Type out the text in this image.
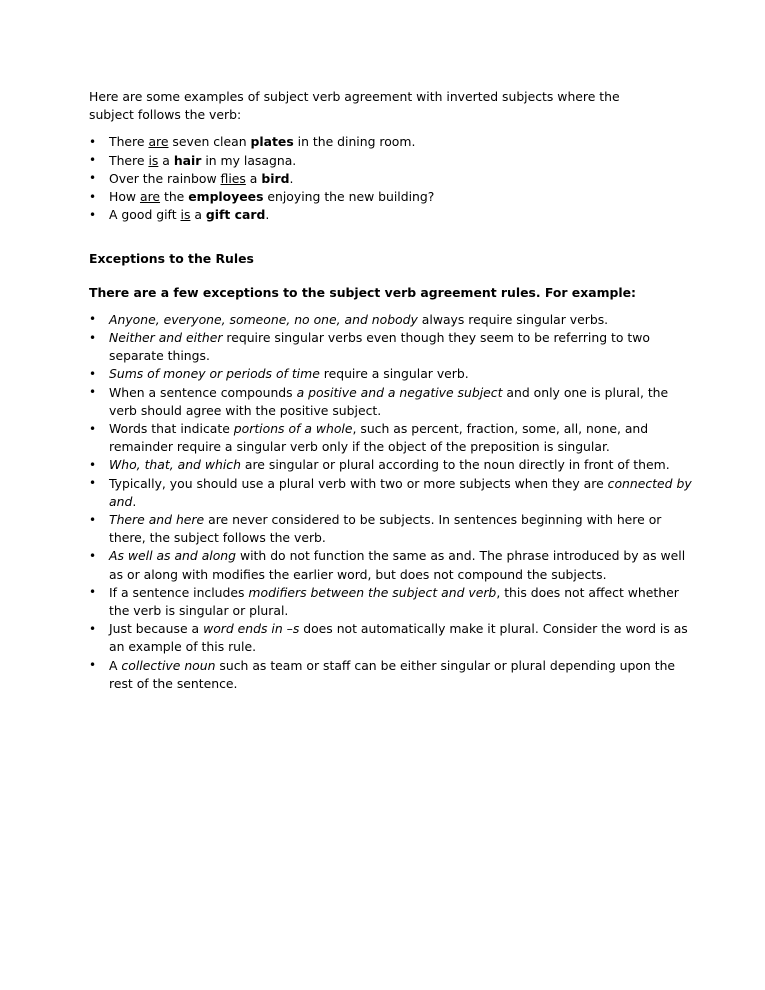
Here are some examples of subject verb agreement with inverted subjects where the subject follows the verb:

• There are seven clean plates in the dining room.
• There is a hair in my lasagna.
• Over the rainbow flies a bird.
• How are the employees enjoying the new building?
• A good gift is a gift card.
Exceptions to the Rules
There are a few exceptions to the subject verb agreement rules. For example:
• Anyone, everyone, someone, no one, and nobody always require singular verbs.
• Neither and either require singular verbs even though they seem to be referring to two separate things.
• Sums of money or periods of time require a singular verb.
• When a sentence compounds a positive and a negative subject and only one is plural, the verb should agree with the positive subject.
• Words that indicate portions of a whole, such as percent, fraction, some, all, none, and remainder require a singular verb only if the object of the preposition is singular.
• Who, that, and which are singular or plural according to the noun directly in front of them.
• Typically, you should use a plural verb with two or more subjects when they are connected by and.
• There and here are never considered to be subjects. In sentences beginning with here or there, the subject follows the verb.
• As well as and along with do not function the same as and. The phrase introduced by as well as or along with modifies the earlier word, but does not compound the subjects.
• If a sentence includes modifiers between the subject and verb, this does not affect whether the verb is singular or plural.
• Just because a word ends in –s does not automatically make it plural. Consider the word is as an example of this rule.
• A collective noun such as team or staff can be either singular or plural depending upon the rest of the sentence.
